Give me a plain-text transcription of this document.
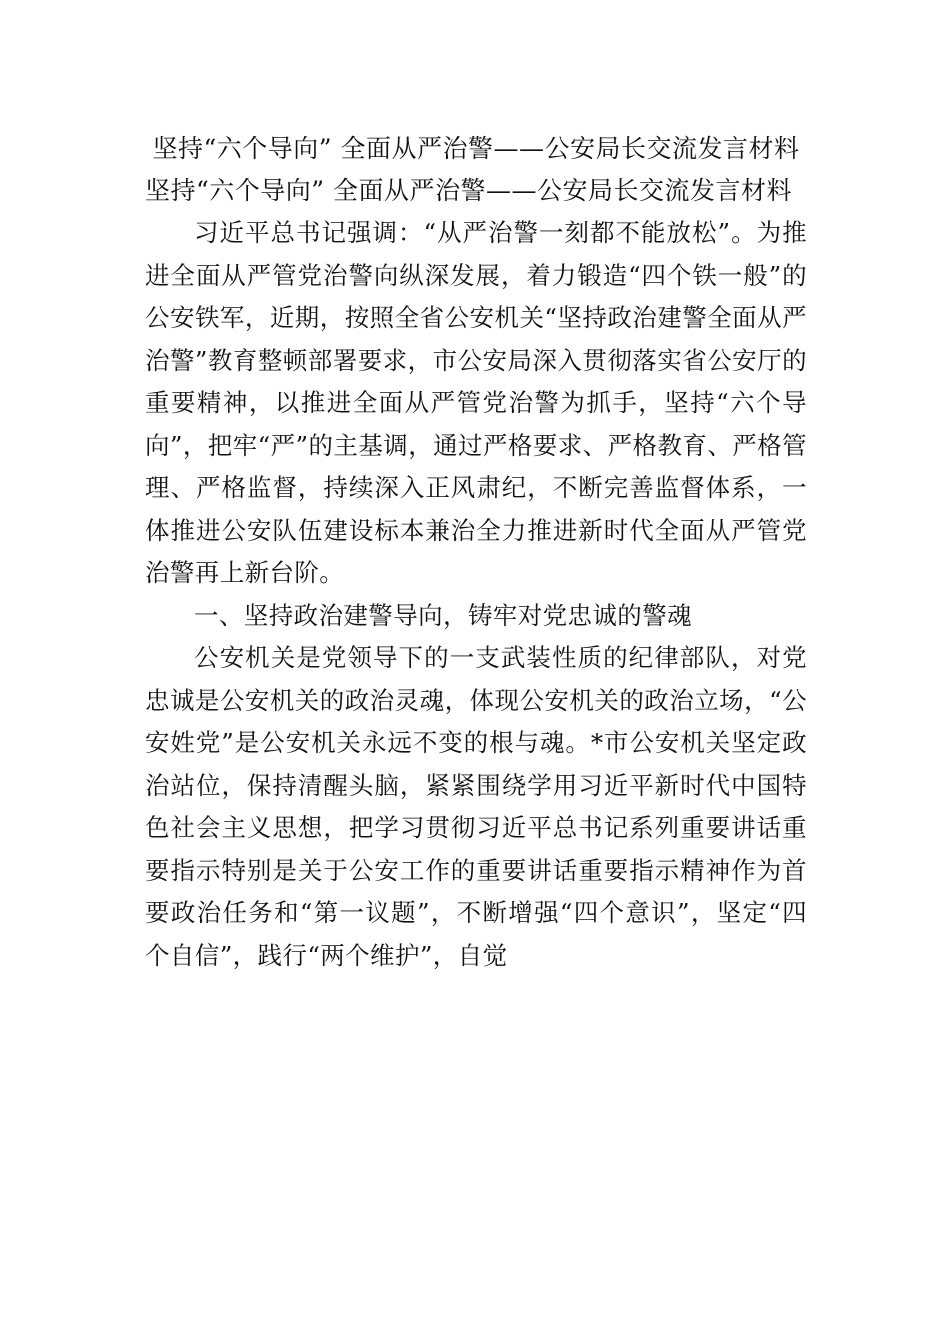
坚持“六个导向” 全面从严治警——公安局长交流发言材料
坚持“六个导向” 全面从严治警——公安局长交流发言材料

习近平总书记强调：“从严治警一刻都不能放松”。为推进全面从严管党治警向纵深发展，着力锻造“四个铁一般”的公安铁军，近期，按照全省公安机关“坚持政治建警全面从严治警”教育整顿部署要求，市公安局深入贯彻落实省公安厅的重要精神，以推进全面从严管党治警为抓手，坚持“六个导向”，把牢“严”的主基调，通过严格要求、严格教育、严格管理、严格监督，持续深入正风肃纪，不断完善监督体系，一体推进公安队伍建设标本兼治全力推进新时代全面从严管党治警再上新台阶。

一、坚持政治建警导向，铸牢对党忠诚的警魂

公安机关是党领导下的一支武装性质的纪律部队，对党忠诚是公安机关的政治灵魂，体现公安机关的政治立场，“公安姓党”是公安机关永远不变的根与魂。*市公安机关坚定政治站位，保持清醒头脑，紧紧围绕学用习近平新时代中国特色社会主义思想，把学习贯彻习近平总书记系列重要讲话重要指示特别是关于公安工作的重要讲话重要指示精神作为首要政治任务和“第一议题”，不断增强“四个意识”，坚定“四个自信”，践行“两个维护”，自觉
